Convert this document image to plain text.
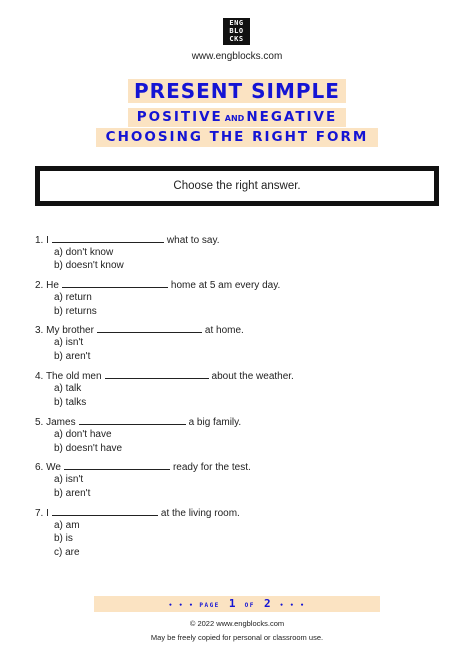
ENG
BLO
CKS
www.engblocks.com
PRESENT SIMPLE
POSITIVE AND NEGATIVE
CHOOSING THE RIGHT FORM
Choose the right answer.
1. I	what to say.
a) don't know
b) doesn't know
2. He	home at 5 am every day.
a) return
b) returns
3. My brother	at home.
a) isn't
b) aren't
4. The old men	about the weather.
a) talk
b) talks
5. James	a big family.
a) don't have
b) doesn't have
6. We	ready for the test.
a) isn't
b) aren't
7. I	at the living room.
a) am
b) is
c) are
• • • PAGE 1 OF 2 • • •
© 2022 www.engblocks.com
May be freely copied for personal or classroom use.
